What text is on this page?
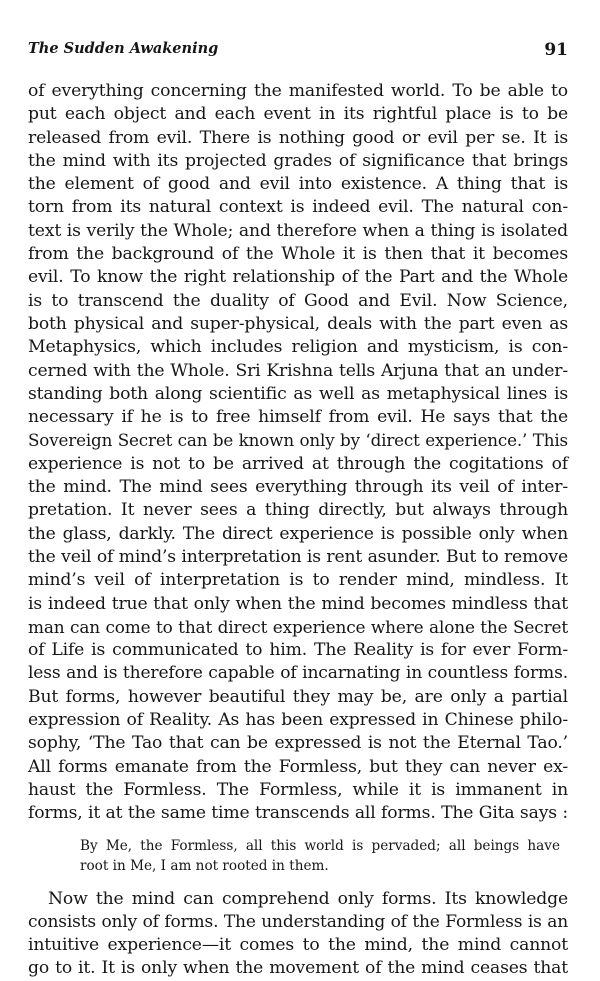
The Sudden Awakening	91
of everything concerning the manifested world. To be able to
put each object and each event in its rightful place is to be
released from evil. There is nothing good or evil per se. It is
the mind with its projected grades of significance that brings
the element of good and evil into existence. A thing that is
torn from its natural context is indeed evil. The natural con-
text is verily the Whole; and therefore when a thing is isolated
from the background of the Whole it is then that it becomes
evil. To know the right relationship of the Part and the Whole
is to transcend the duality of Good and Evil. Now Science,
both physical and super-physical, deals with the part even as
Metaphysics, which includes religion and mysticism, is con-
cerned with the Whole. Sri Krishna tells Arjuna that an under-
standing both along scientific as well as metaphysical lines is
necessary if he is to free himself from evil. He says that the
Sovereign Secret can be known only by ‘direct experience.’ This
experience is not to be arrived at through the cogitations of
the mind. The mind sees everything through its veil of inter-
pretation. It never sees a thing directly, but always through
the glass, darkly. The direct experience is possible only when
the veil of mind’s interpretation is rent asunder. But to remove
mind’s veil of interpretation is to render mind, mindless. It
is indeed true that only when the mind becomes mindless that
man can come to that direct experience where alone the Secret
of Life is communicated to him. The Reality is for ever Form-
less and is therefore capable of incarnating in countless forms.
But forms, however beautiful they may be, are only a partial
expression of Reality. As has been expressed in Chinese philo-
sophy, ‘The Tao that can be expressed is not the Eternal Tao.’
All forms emanate from the Formless, but they can never ex-
haust the Formless. The Formless, while it is immanent in
forms, it at the same time transcends all forms. The Gita says :
By Me, the Formless, all this world is pervaded; all beings have
root in Me, I am not rooted in them.
Now the mind can comprehend only forms. Its knowledge
consists only of forms. The understanding of the Formless is an
intuitive experience—it comes to the mind, the mind cannot
go to it. It is only when the movement of the mind ceases that
